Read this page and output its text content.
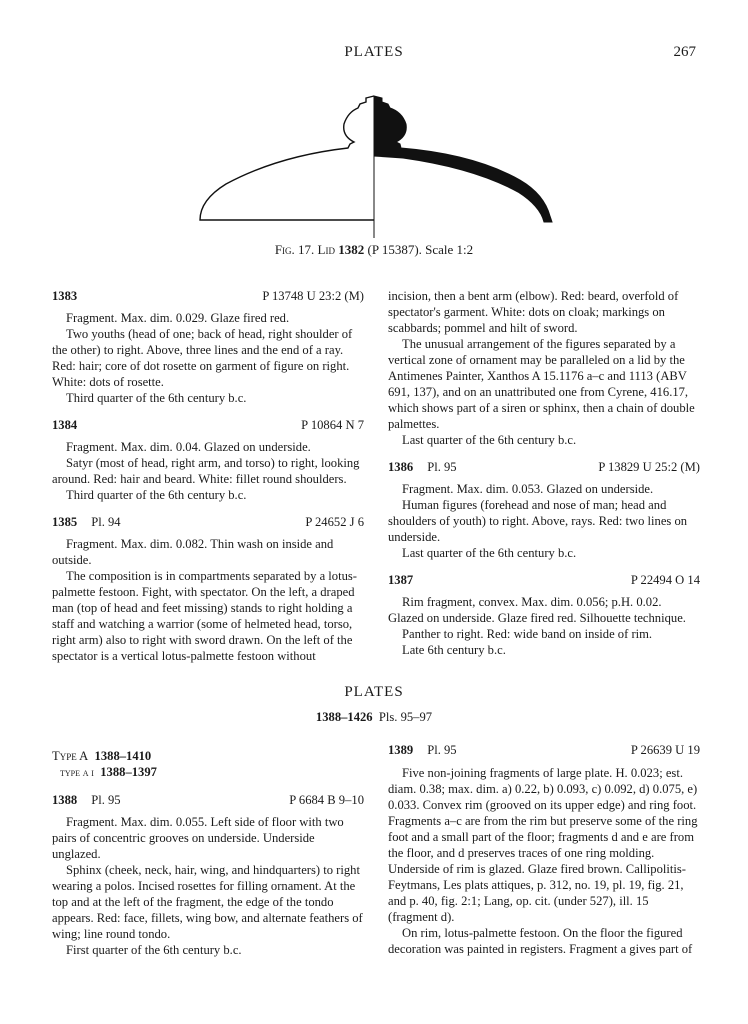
PLATES	267
Fig. 17. Lid 1382 (P 15387). Scale 1:2
1383	P 13748 U 23:2 (M)

Fragment. Max. dim. 0.029. Glaze fired red.

Two youths (head of one; back of head, right shoulder of the other) to right. Above, three lines and the end of a ray. Red: hair; core of dot rosette on garment of figure on right. White: dots of rosette.

Third quarter of the 6th century b.c.

1384	P 10864 N 7

Fragment. Max. dim. 0.04. Glazed on underside.

Satyr (most of head, right arm, and torso) to right, looking around. Red: hair and beard. White: fillet round shoulders.

Third quarter of the 6th century b.c.

1385 Pl. 94	P 24652 J 6

Fragment. Max. dim. 0.082. Thin wash on inside and outside.

The composition is in compartments separated by a lotus-palmette festoon. Fight, with spectator. On the left, a draped man (top of head and feet missing) stands to right holding a staff and watching a warrior (some of helmeted head, torso, right arm) also to right with sword drawn. On the left of the spectator is a vertical lotus-palmette festoon without

incision, then a bent arm (elbow). Red: beard, overfold of spectator's garment. White: dots on cloak; markings on scabbards; pommel and hilt of sword.

The unusual arrangement of the figures separated by a vertical zone of ornament may be paralleled on a lid by the Antimenes Painter, Xanthos A 15.1176 a–c and 1113 (ABV 691, 137), and on an unattributed one from Cyrene, 416.17, which shows part of a siren or sphinx, then a chain of double palmettes.

Last quarter of the 6th century b.c.

1386 Pl. 95	P 13829 U 25:2 (M)

Fragment. Max. dim. 0.053. Glazed on underside.

Human figures (forehead and nose of man; head and shoulders of youth) to right. Above, rays. Red: two lines on underside.

Last quarter of the 6th century b.c.

1387	P 22494 O 14

Rim fragment, convex. Max. dim. 0.056; p.H. 0.02. Glazed on underside. Glaze fired red. Silhouette technique.

Panther to right. Red: wide band on inside of rim.

Late 6th century b.c.

PLATES
1388–1426 Pls. 95–97
Type A 1388–1410
type a i 1388–1397
1388 Pl. 95	P 6684 B 9–10

Fragment. Max. dim. 0.055. Left side of floor with two pairs of concentric grooves on underside. Underside unglazed.

Sphinx (cheek, neck, hair, wing, and hindquarters) to right wearing a polos. Incised rosettes for filling ornament. At the top and at the left of the fragment, the edge of the tondo appears. Red: face, fillets, wing bow, and alternate feathers of wing; line round tondo.

First quarter of the 6th century b.c.

1389 Pl. 95	P 26639 U 19

Five non-joining fragments of large plate. H. 0.023; est. diam. 0.38; max. dim. a) 0.22, b) 0.093, c) 0.092, d) 0.075, e) 0.033. Convex rim (grooved on its upper edge) and ring foot. Fragments a–c are from the rim but preserve some of the ring foot and a small part of the floor; fragments d and e are from the floor, and d preserves traces of one ring molding. Underside of rim is glazed. Glaze fired brown. Callipolitis-Feytmans, Les plats attiques, p. 312, no. 19, pl. 19, fig. 21, and p. 40, fig. 2:1; Lang, op. cit. (under 527), ill. 15 (fragment d).

On rim, lotus-palmette festoon. On the floor the figured decoration was painted in registers. Fragment a gives part of
